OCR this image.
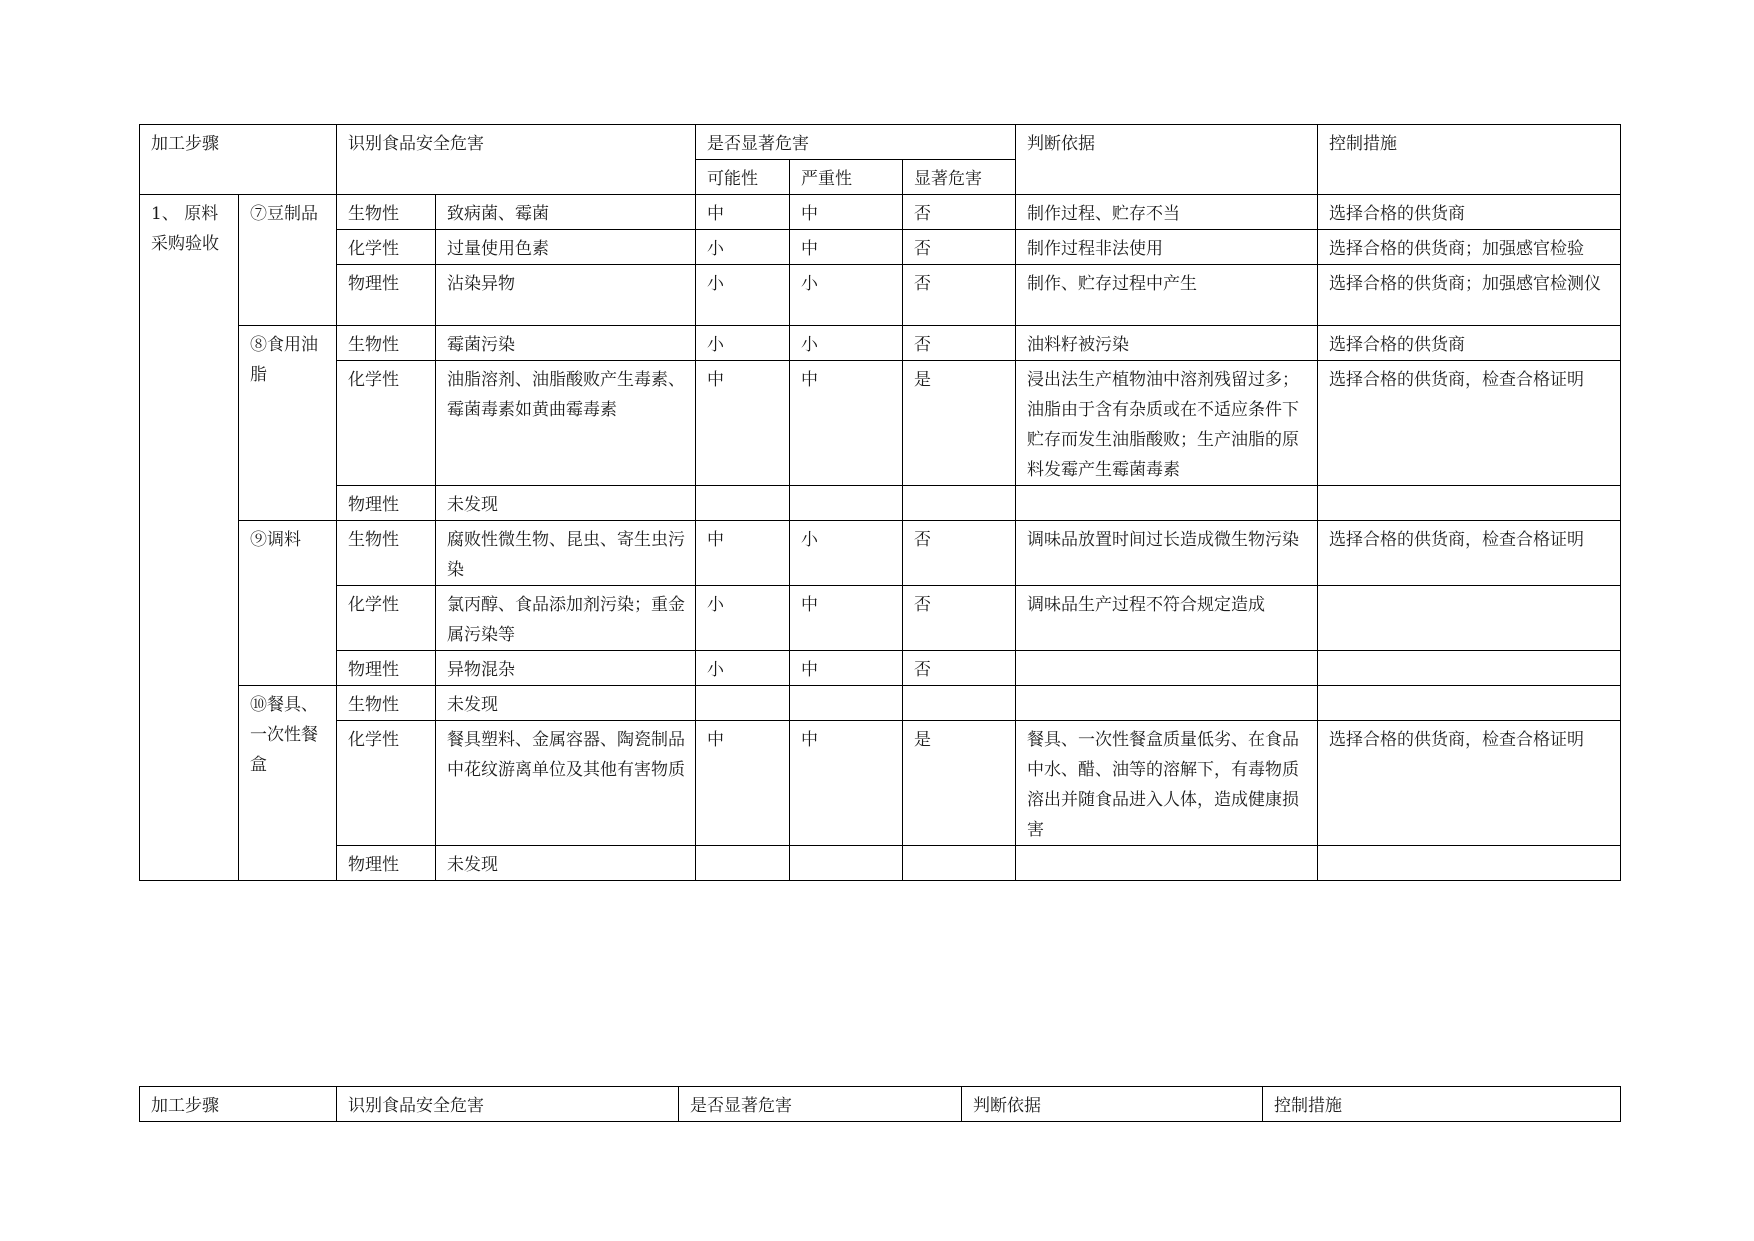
加工步骤		识别食品安全危害		是否显著危害			判断依据	控制措施
				可能性	严重性	显著危害		
1、 原料采购验收	⑦豆制品	生物性	致病菌、霉菌	中	中	否	制作过程、贮存不当	选择合格的供货商
		化学性	过量使用色素	小	中	否	制作过程非法使用	选择合格的供货商；加强感官检验
		物理性	沾染异物	小	小	否	制作、贮存过程中产生	选择合格的供货商；加强感官检测仪
	⑧食用油脂	生物性	霉菌污染	小	小	否	油料籽被污染	选择合格的供货商
		化学性	油脂溶剂、油脂酸败产生毒素、霉菌毒素如黄曲霉毒素	中	中	是	浸出法生产植物油中溶剂残留过多；油脂由于含有杂质或在不适应条件下贮存而发生油脂酸败；生产油脂的原料发霉产生霉菌毒素	选择合格的供货商，检查合格证明
		物理性	未发现					
	⑨调料	生物性	腐败性微生物、昆虫、寄生虫污染	中	小	否	调味品放置时间过长造成微生物污染	选择合格的供货商，检查合格证明
		化学性	氯丙醇、食品添加剂污染；重金属污染等	小	中	否	调味品生产过程不符合规定造成	
		物理性	异物混杂	小	中	否		
	⑩餐具、一次性餐盒	生物性	未发现					
		化学性	餐具塑料、金属容器、陶瓷制品中花纹游离单位及其他有害物质	中	中	是	餐具、一次性餐盒质量低劣、在食品中水、醋、油等的溶解下，有毒物质溶出并随食品进入人体，造成健康损害	选择合格的供货商，检查合格证明
		物理性	未发现					
加工步骤	识别食品安全危害	是否显著危害	判断依据	控制措施
